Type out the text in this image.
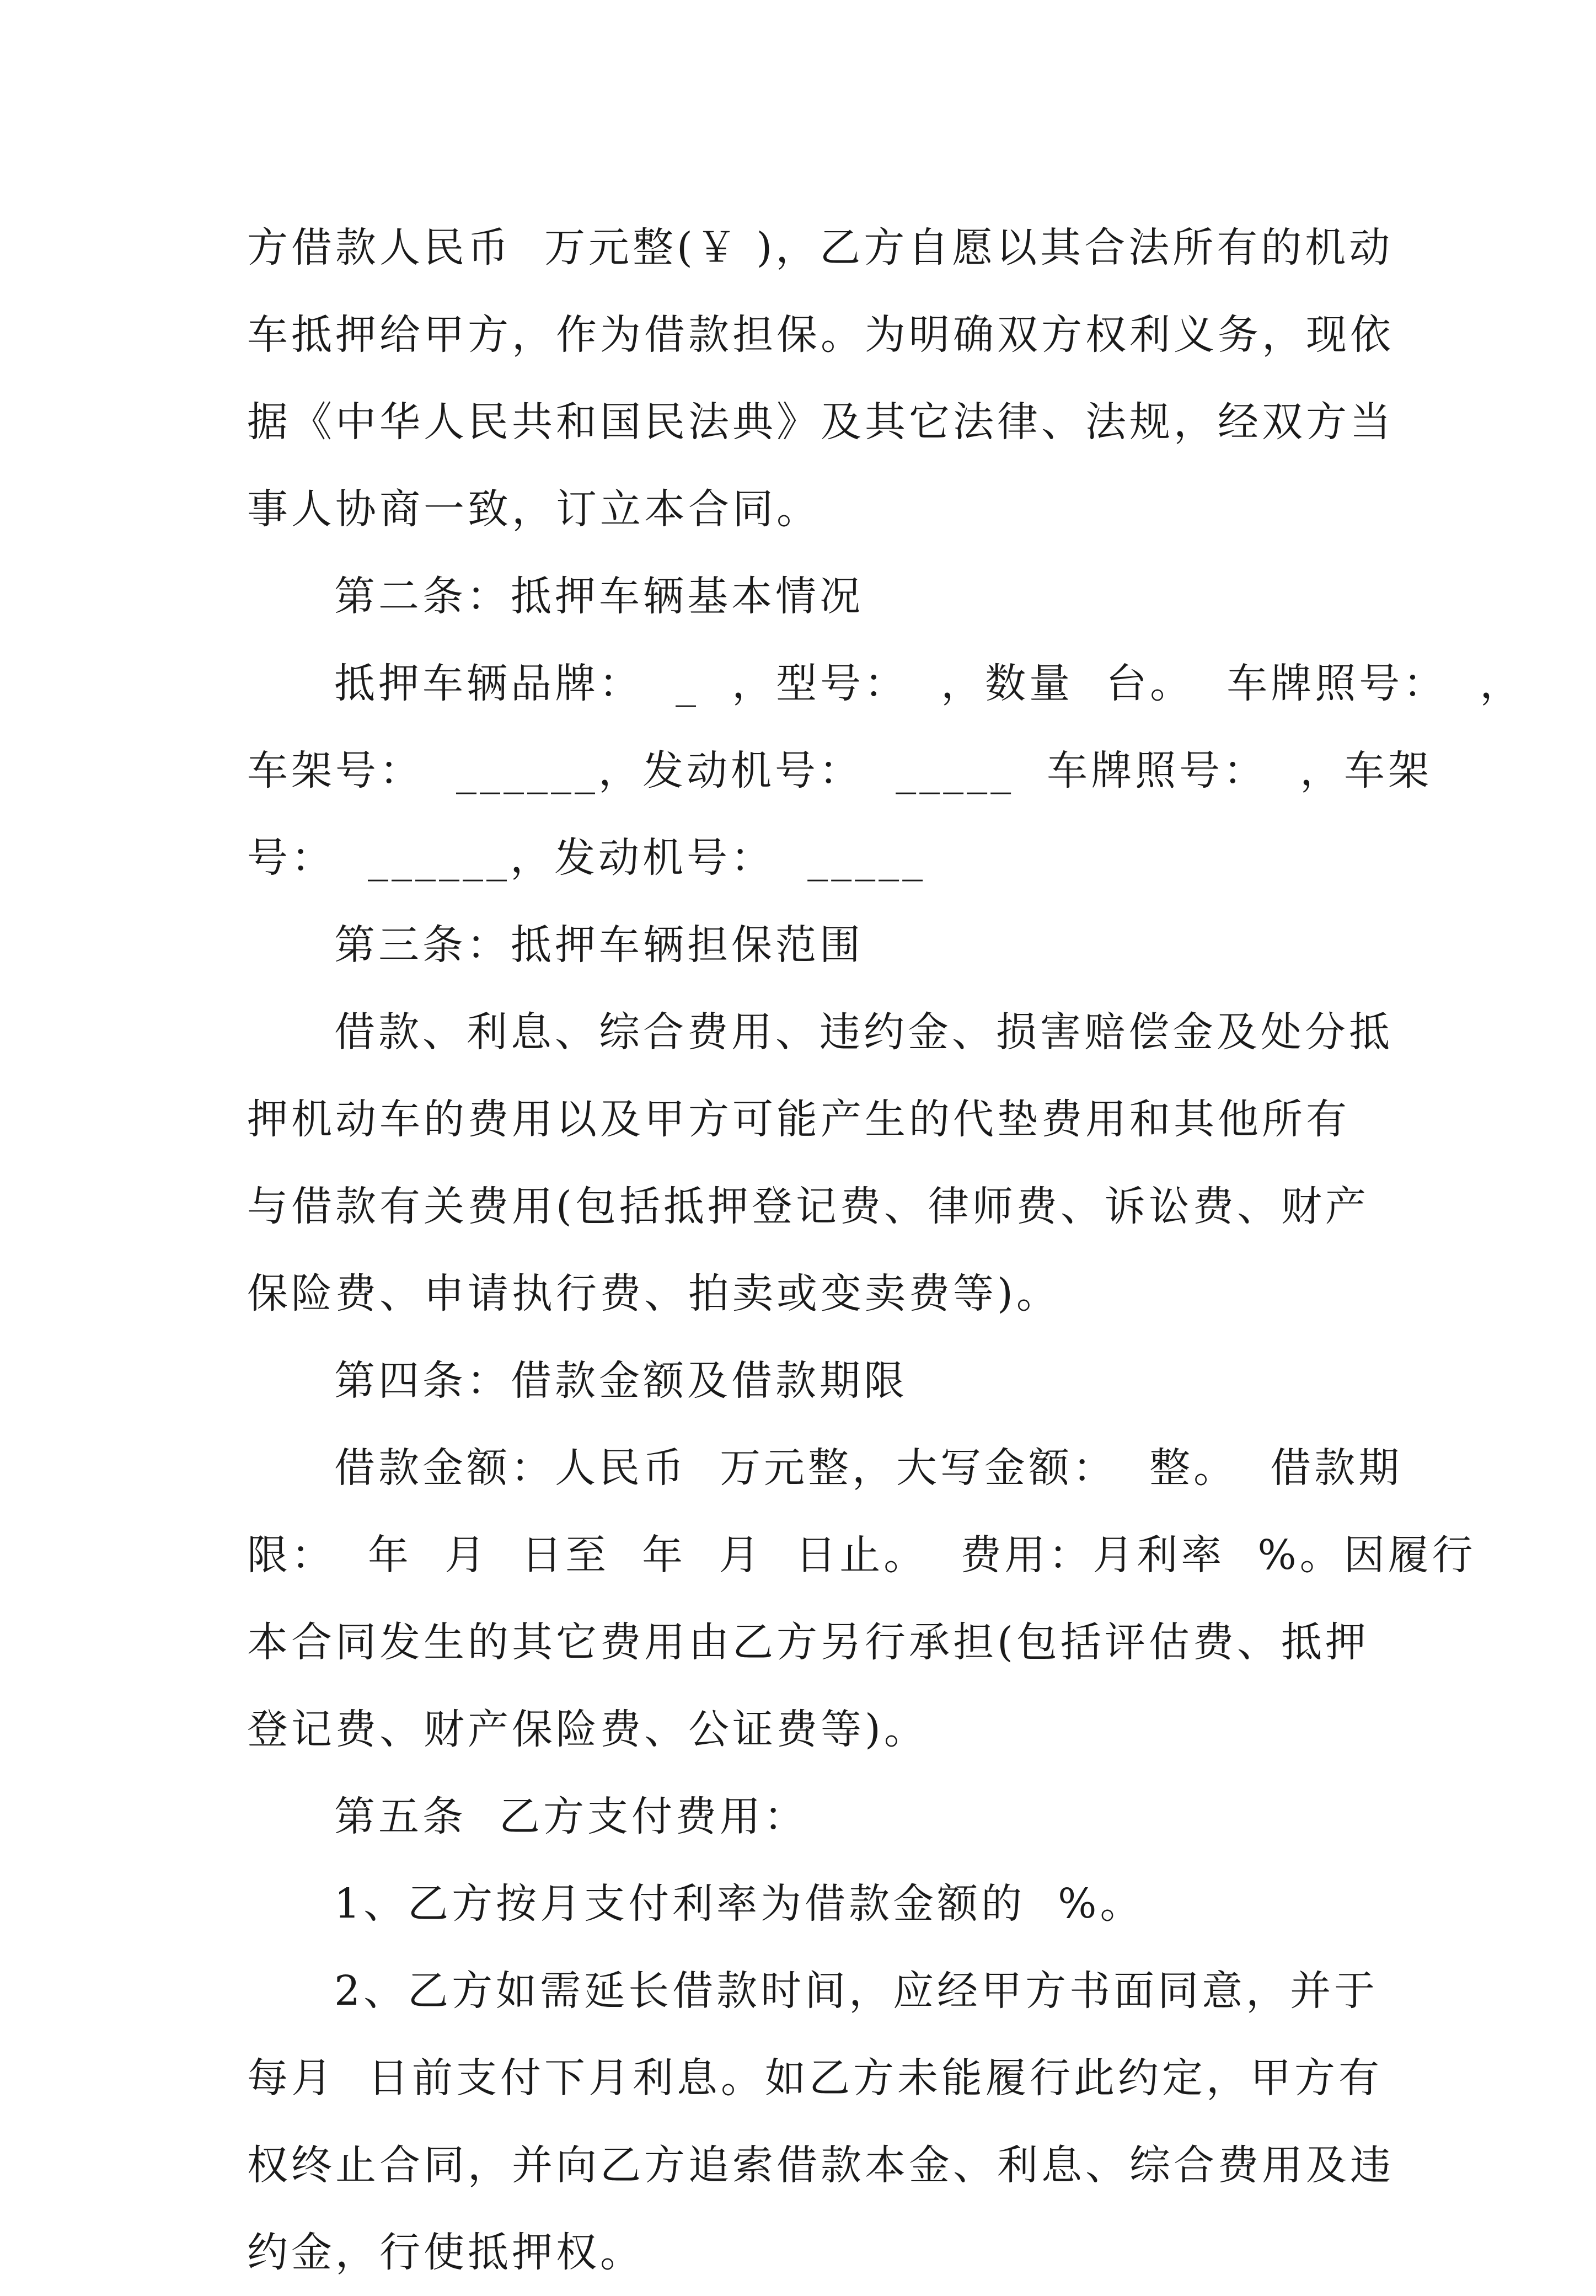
方借款人民币  万元整(￥ )，乙方自愿以其合法所有的机动
车抵押给甲方，作为借款担保。为明确双方权利义务，现依
据《中华人民共和国民法典》及其它法律、法规，经双方当
事人协商一致，订立本合同。
第二条：抵押车辆基本情况
抵押车辆品牌：  _  ，型号：  ，数量  台。  车牌照号：  ，
车架号：  ______，发动机号：  _____  车牌照号：  ，车架
号：  ______，发动机号：  _____
第三条：抵押车辆担保范围
借款、利息、综合费用、违约金、损害赔偿金及处分抵
押机动车的费用以及甲方可能产生的代垫费用和其他所有
与借款有关费用(包括抵押登记费、律师费、诉讼费、财产
保险费、申请执行费、拍卖或变卖费等)。
第四条：借款金额及借款期限
借款金额：人民币  万元整，大写金额：  整。  借款期
限：  年  月  日至  年  月  日止。  费用：月利率  %。因履行
本合同发生的其它费用由乙方另行承担(包括评估费、抵押
登记费、财产保险费、公证费等)。
第五条  乙方支付费用：
1、乙方按月支付利率为借款金额的  %。
2、乙方如需延长借款时间，应经甲方书面同意，并于
每月  日前支付下月利息。如乙方未能履行此约定，甲方有
权终止合同，并向乙方追索借款本金、利息、综合费用及违
约金，行使抵押权。
